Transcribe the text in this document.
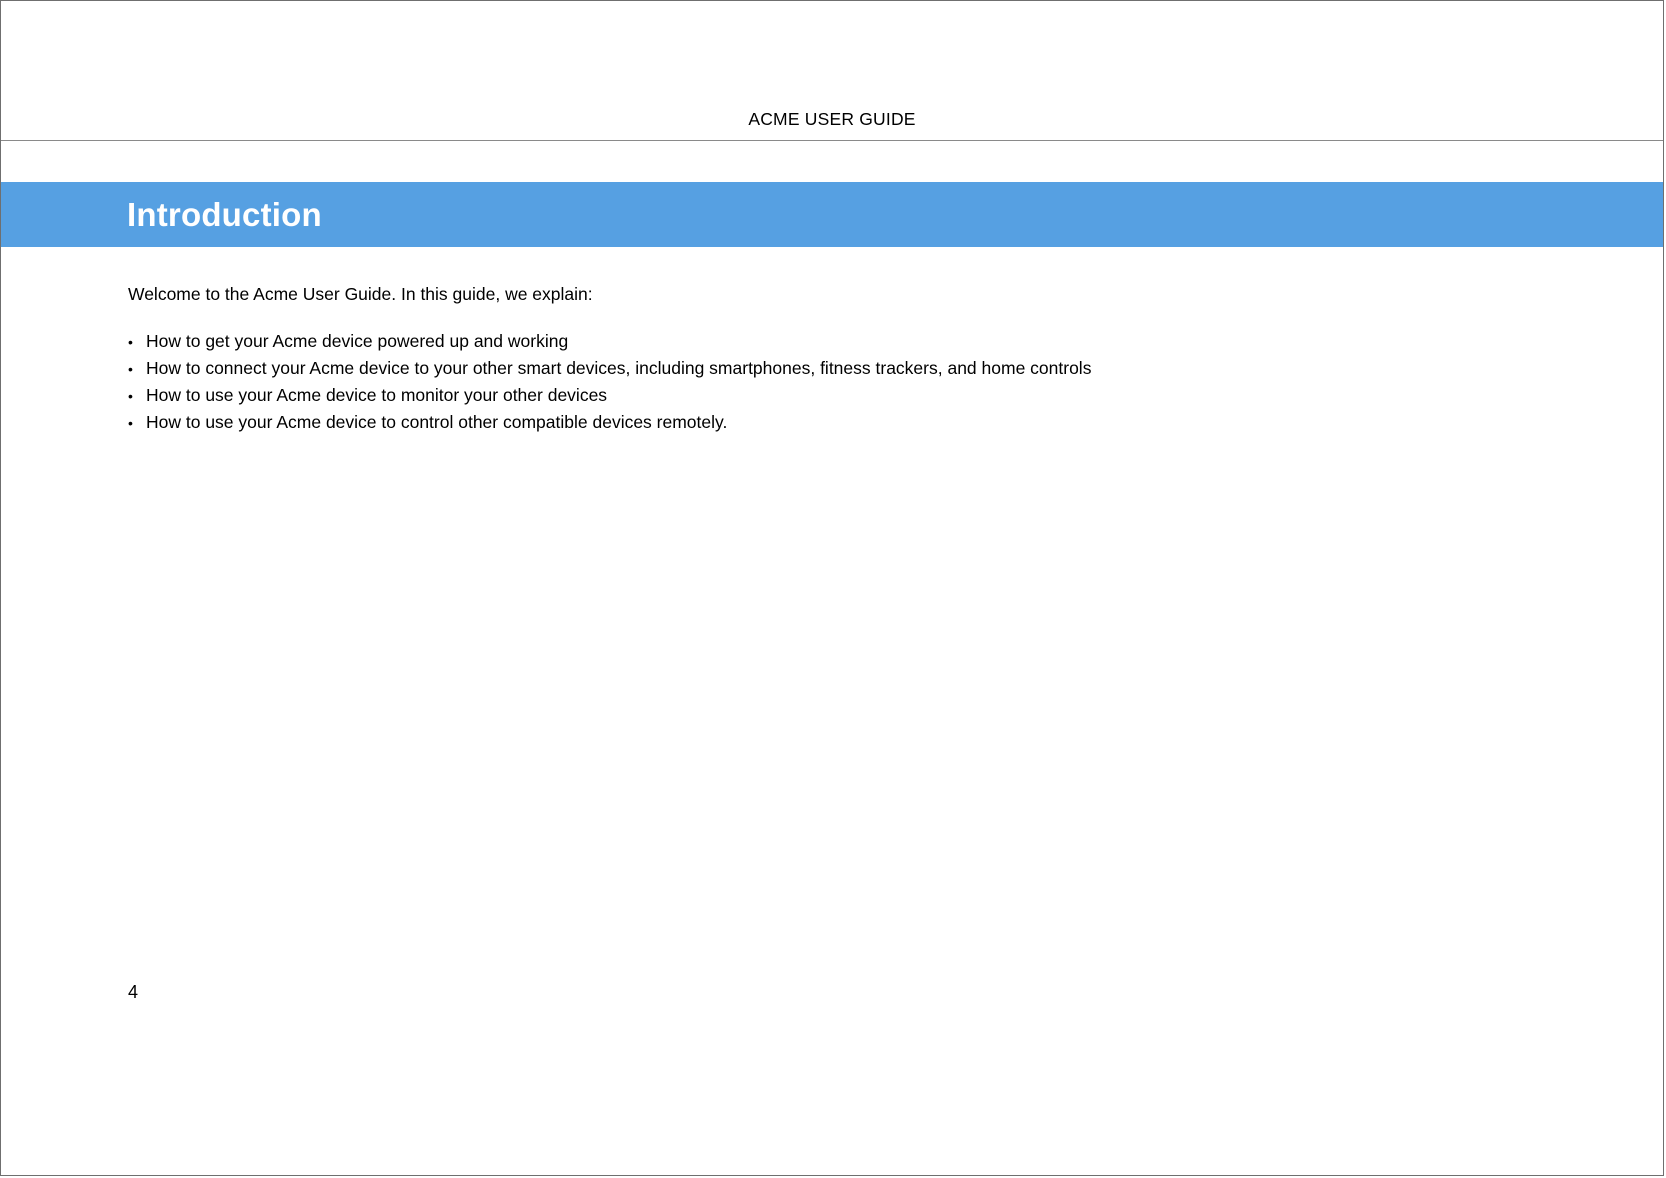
ACME USER GUIDE
Introduction

Welcome to the Acme User Guide. In this guide, we explain:

• How to get your Acme device powered up and working
• How to connect your Acme device to your other smart devices, including smartphones, fitness trackers, and home controls
• How to use your Acme device to monitor your other devices
• How to use your Acme device to control other compatible devices remotely.
4
